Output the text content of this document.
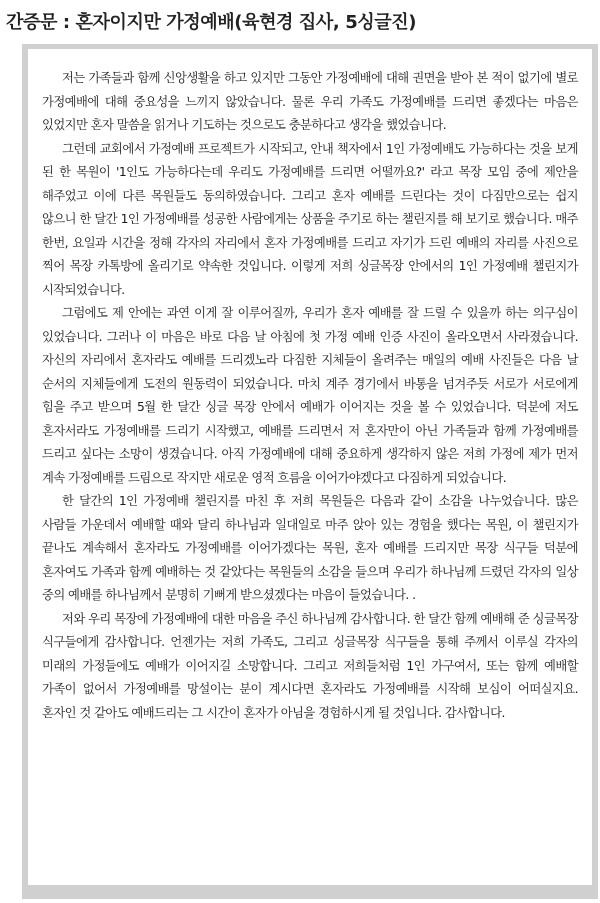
간증문 : 혼자이지만 가정예배(육현경 집사, 5싱글진)

저는 가족들과 함께 신앙생활을 하고 있지만 그동안 가정예배에 대해 권면을 받아 본 적이 없기에 별로 가정예배에 대해 중요성을 느끼지 않았습니다. 물론 우리 가족도 가정예배를 드리면 좋겠다는 마음은 있었지만 혼자 말씀을 읽거나 기도하는 것으로도 충분하다고 생각을 했었습니다.

그런데 교회에서 가정예배 프로젝트가 시작되고, 안내 책자에서 1인 가정예배도 가능하다는 것을 보게 된 한 목원이 '1인도 가능하다는데 우리도 가정예배를 드리면 어떨까요?' 라고 목장 모임 중에 제안을 해주었고 이에 다른 목원들도 동의하였습니다. 그리고 혼자 예배를 드린다는 것이 다짐만으로는 쉽지 않으니 한 달간 1인 가정예배를 성공한 사람에게는 상품을 주기로 하는 챌린지를 해 보기로 했습니다. 매주 한번, 요일과 시간을 정해 각자의 자리에서 혼자 가정예배를 드리고 자기가 드린 예배의 자리를 사진으로 찍어 목장 카톡방에 올리기로 약속한 것입니다. 이렇게 저희 싱글목장 안에서의 1인 가정예배 챌린지가 시작되었습니다.

그럼에도 제 안에는 과연 이게 잘 이루어질까, 우리가 혼자 예배를 잘 드릴 수 있을까 하는 의구심이 있었습니다. 그러나 이 마음은 바로 다음 날 아침에 첫 가정 예배 인증 사진이 올라오면서 사라졌습니다. 자신의 자리에서 혼자라도 예배를 드리겠노라 다짐한 지체들이 올려주는 매일의 예배 사진들은 다음 날 순서의 지체들에게 도전의 원동력이 되었습니다. 마치 계주 경기에서 바통을 넘겨주듯 서로가 서로에게 힘을 주고 받으며 5월 한 달간 싱글 목장 안에서 예배가 이어지는 것을 볼 수 있었습니다. 덕분에 저도 혼자서라도 가정예배를 드리기 시작했고, 예배를 드리면서 저 혼자만이 아닌 가족들과 함께 가정예배를 드리고 싶다는 소망이 생겼습니다. 아직 가정예배에 대해 중요하게 생각하지 않은 저희 가정에 제가 먼저 계속 가정예배를 드림으로 작지만 새로운 영적 흐름을 이어가야겠다고 다짐하게 되었습니다.

한 달간의 1인 가정예배 챌린지를 마친 후 저희 목원들은 다음과 같이 소감을 나누었습니다. 많은 사람들 가운데서 예배할 때와 달리 하나님과 일대일로 마주 앉아 있는 경험을 했다는 목원, 이 챌린지가 끝나도 계속해서 혼자라도 가정예배를 이어가겠다는 목원, 혼자 예배를 드리지만 목장 식구들 덕분에 혼자여도 가족과 함께 예배하는 것 같았다는 목원들의 소감을 들으며 우리가 하나님께 드렸던 각자의 일상 중의 예배를 하나님께서 분명히 기뻐게 받으셨겠다는 마음이 들었습니다. .

저와 우리 목장에 가정예배에 대한 마음을 주신 하나님께 감사합니다. 한 달간 함께 예배해 준 싱글목장 식구들에게 감사합니다. 언젠가는 저희 가족도, 그리고 싱글목장 식구들을 통해 주께서 이루실 각자의 미래의 가정들에도 예배가 이어지길 소망합니다. 그리고 저희들처럼 1인 가구여서, 또는 함께 예배할 가족이 없어서 가정예배를 망설이는 분이 계시다면 혼자라도 가정예배를 시작해 보심이 어떠실지요. 혼자인 것 같아도 예배드리는 그 시간이 혼자가 아님을 경험하시게 될 것입니다. 감사합니다.
